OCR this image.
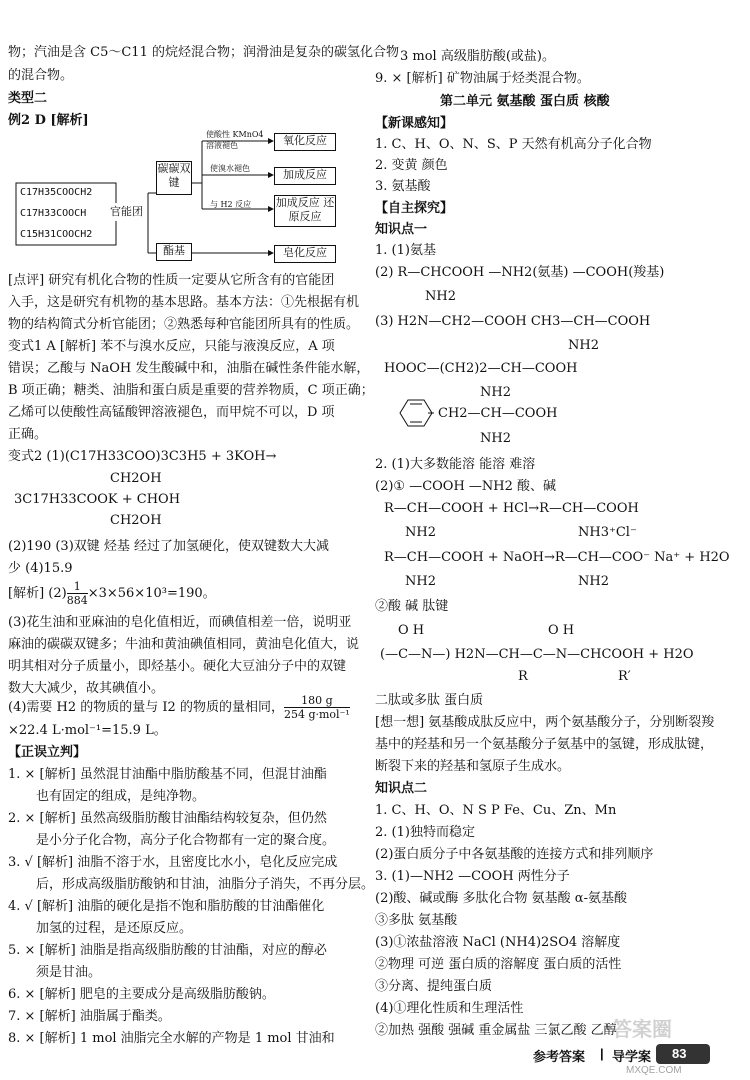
物；汽油是含 C5～C11 的烷烃混合物；润滑油是复杂的碳氢化合物
的混合物。
类型二
例2 D [解析]
C17H35COOCH2
C17H33COOCH
C15H31COOCH2
官能团
碳碳双键
酯基
使酸性 KMnO4 溶液褪色
使溴水褪色
与 H2 反应
氧化反应
加成反应
加成反应 还原反应
皂化反应
[点评] 研究有机化合物的性质一定要从它所含有的官能团
入手，这是研究有机物的基本思路。基本方法：①先根据有机
物的结构简式分析官能团；②熟悉每种官能团所具有的性质。
变式1 A [解析] 苯不与溴水反应，只能与液溴反应，A 项
错误；乙酸与 NaOH 发生酸碱中和，油脂在碱性条件能水解，
B 项正确；糖类、油脂和蛋白质是重要的营养物质，C 项正确；
乙烯可以使酸性高锰酸钾溶液褪色，而甲烷不可以，D 项
正确。
变式2 (1)(C17H33COO)3C3H5 + 3KOH→
CH2OH
3C17H33COOK + CHOH
CH2OH
(2)190 (3)双键 烃基 经过了加氢硬化，使双键数大大减
少 (4)15.9
[解析] $(2) \frac{1}{884} \times 3\times 56\times 10^3=190$。
(3)花生油和亚麻油的皂化值相近，而碘值相差一倍，说明亚
麻油的碳碳双键多；牛油和黄油碘值相同，黄油皂化值大，说
明其相对分子质量小，即烃基小。硬化大豆油分子中的双键
数大大减少，故其碘值小。
(4)需要 H2 的物质的量与 I2 的物质的量相同， $\frac{180 g}{\text{254 g·mol⁻¹}}$
×22.4 L·mol⁻¹=15.9 L。
【正误立判】
1. × [解析] 虽然混甘油酯中脂肪酸基不同，但混甘油酯
也有固定的组成，是纯净物。
2. × [解析] 虽然高级脂肪酸甘油酯结构较复杂，但仍然
是小分子化合物，高分子化合物都有一定的聚合度。
3. √ [解析] 油脂不溶于水，且密度比水小，皂化反应完成
后，形成高级脂肪酸钠和甘油，油脂分子消失，不再分层。
4. √ [解析] 油脂的硬化是指不饱和脂肪酸的甘油酯催化
加氢的过程，是还原反应。
5. × [解析] 油脂是指高级脂肪酸的甘油酯，对应的醇必
须是甘油。
6. × [解析] 肥皂的主要成分是高级脂肪酸钠。
7. × [解析] 油脂属于酯类。
8. × [解析] 1 mol 油脂完全水解的产物是 1 mol 甘油和
3 mol 高级脂肪酸(或盐)。
9. × [解析] 矿物油属于烃类混合物。
第二单元 氨基酸 蛋白质 核酸
【新课感知】
1. C、H、O、N、S、P 天然有机高分子化合物
2. 变黄 颜色
3. 氨基酸
【自主探究】
知识点一
1. (1)氨基
(2) R—CHCOOH —NH2(氨基) —COOH(羧基)
NH2
(3) H2N—CH2—COOH CH3—CH—COOH
NH2
HOOC—(CH2)2—CH—COOH
NH2
CH2—CH—COOH
NH2
2. (1)大多数能溶 能溶 难溶
(2)① —COOH —NH2 酸、碱
R—CH—COOH + HCl→R—CH—COOH
NH2	NH3⁺Cl⁻
R—CH—COOH + NaOH→R—CH—COO⁻ Na⁺ + H2O
NH2	NH2
②酸 碱 肽键
O H	O H
(—C—N—) H2N—CH—C—N—CHCOOH + H2O
R	R′
二肽或多肽 蛋白质
[想一想] 氨基酸成肽反应中，两个氨基酸分子，分别断裂羧
基中的羟基和另一个氨基酸分子氨基中的氢键，形成肽键，
断裂下来的羟基和氢原子生成水。
知识点二
1. C、H、O、N S P Fe、Cu、Zn、Mn
2. (1)独特而稳定
(2)蛋白质分子中各氨基酸的连接方式和排列顺序
3. (1)—NH2 —COOH 两性分子
(2)酸、碱或酶 多肽化合物 氨基酸 α-氨基酸
③多肽 氨基酸
(3)①浓盐溶液 NaCl (NH4)2SO4 溶解度
②物理 可逆 蛋白质的溶解度 蛋白质的活性
③分离、提纯蛋白质
(4)①理化性质和生理活性
②加热 强酸 强碱 重金属盐 三氯乙酸 乙醇
参考答案 | 导学案 83
答案圈
MXQE.COM
